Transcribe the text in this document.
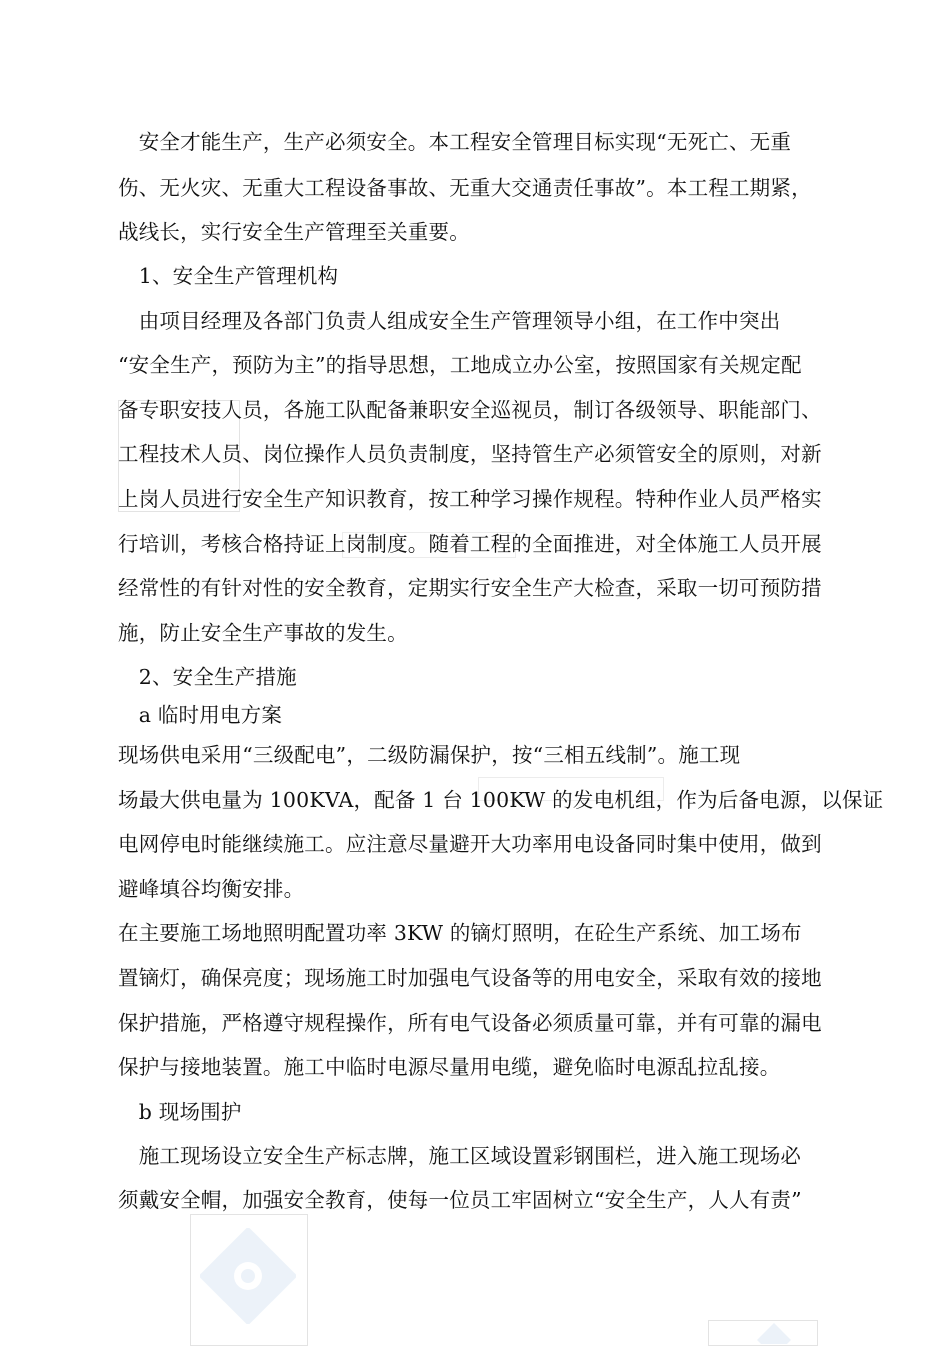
　安全才能生产，生产必须安全。本工程安全管理目标实现“无死亡、无重
伤、无火灾、无重大工程设备事故、无重大交通责任事故”。本工程工期紧，
战线长，实行安全生产管理至关重要。
　1、安全生产管理机构
　由项目经理及各部门负责人组成安全生产管理领导小组，在工作中突出
“安全生产，预防为主”的指导思想，工地成立办公室，按照国家有关规定配
备专职安技人员，各施工队配备兼职安全巡视员，制订各级领导、职能部门、
工程技术人员、岗位操作人员负责制度，坚持管生产必须管安全的原则，对新
上岗人员进行安全生产知识教育，按工种学习操作规程。特种作业人员严格实
行培训，考核合格持证上岗制度。随着工程的全面推进，对全体施工人员开展
经常性的有针对性的安全教育，定期实行安全生产大检查，采取一切可预防措
施，防止安全生产事故的发生。
　2、安全生产措施
　a 临时用电方案
现场供电采用“三级配电”，二级防漏保护，按“三相五线制”。施工现
场最大供电量为 100KVA，配备 1 台 100KW 的发电机组，作为后备电源，以保证
电网停电时能继续施工。应注意尽量避开大功率用电设备同时集中使用，做到
避峰填谷均衡安排。
在主要施工场地照明配置功率 3KW 的镝灯照明，在砼生产系统、加工场布
置镝灯，确保亮度；现场施工时加强电气设备等的用电安全，采取有效的接地
保护措施，严格遵守规程操作，所有电气设备必须质量可靠，并有可靠的漏电
保护与接地装置。施工中临时电源尽量用电缆，避免临时电源乱拉乱接。
　b 现场围护
　施工现场设立安全生产标志牌，施工区域设置彩钢围栏，进入施工现场必
须戴安全帽，加强安全教育，使每一位员工牢固树立“安全生产，人人有责”
